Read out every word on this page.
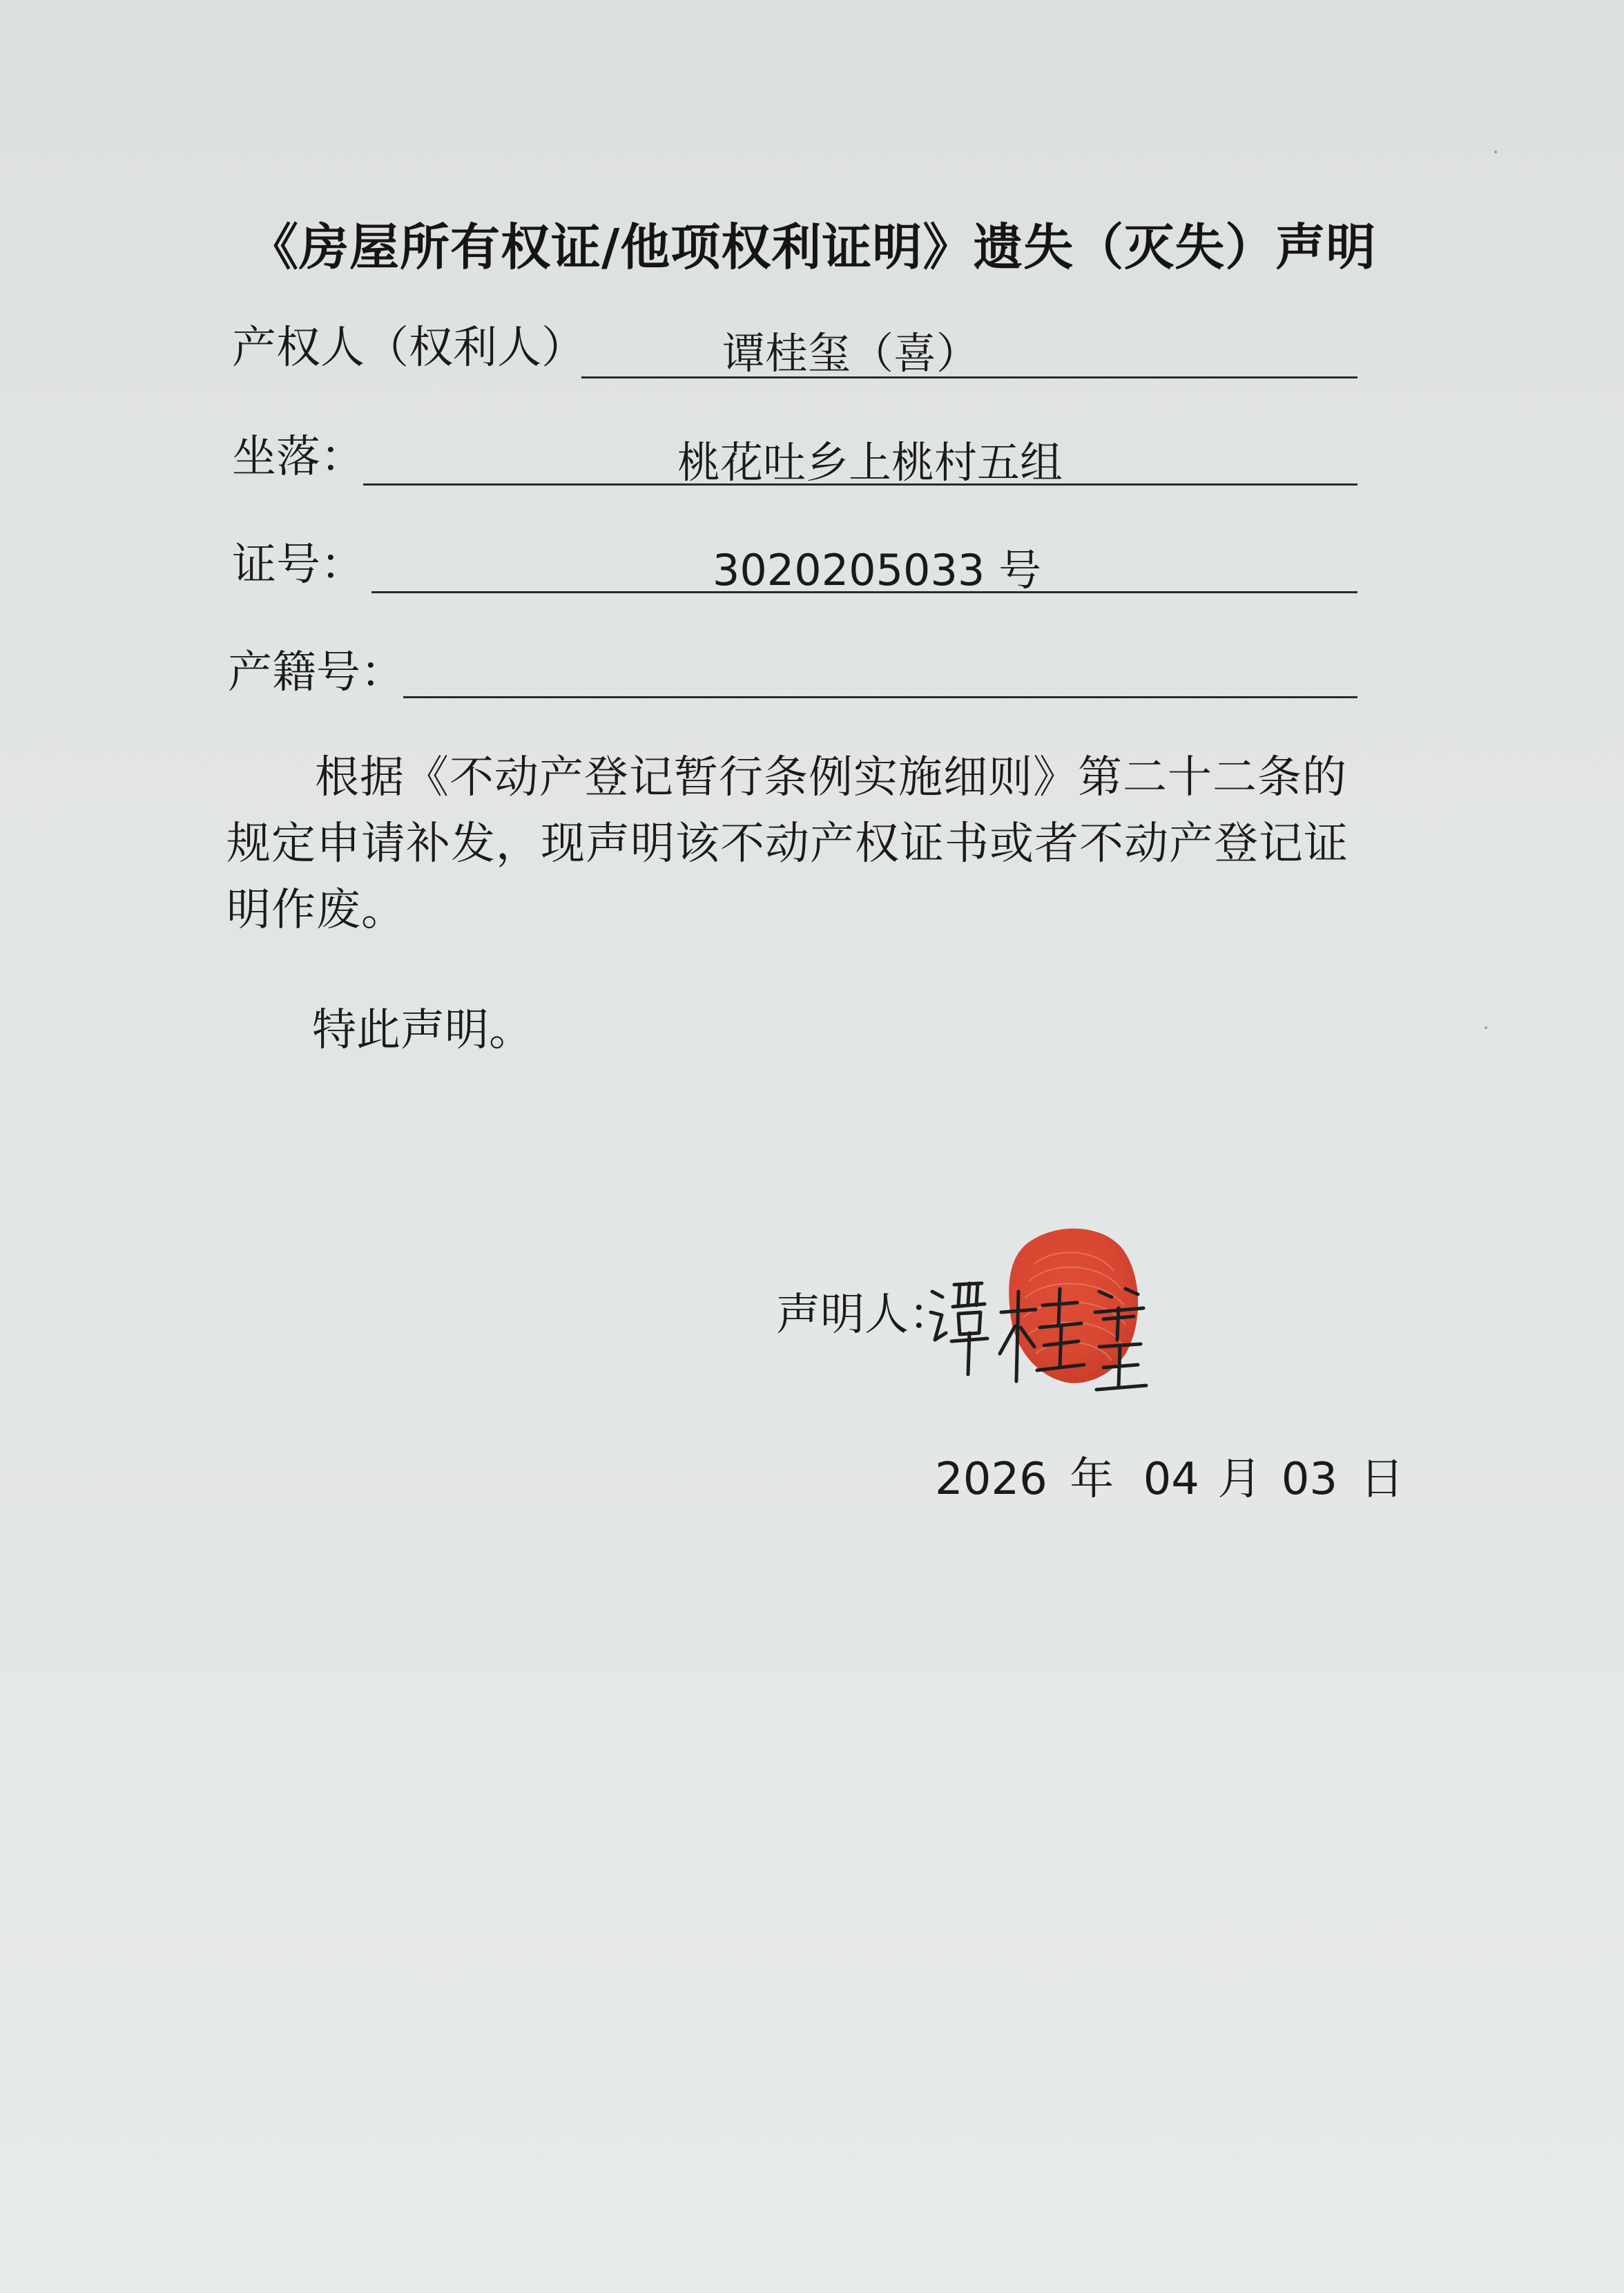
《房屋所有权证/他项权利证明》遗失（灭失）声明
产权人（权利人）	谭桂玺（喜）
坐落：	桃花吐乡上桃村五组
证号：	3020205033 号
产籍号：
根据《不动产登记暂行条例实施细则》第二十二条的规定申请补发，现声明该不动产权证书或者不动产登记证明作废。
特此声明。
声明人：
2026 年 04 月 03 日
